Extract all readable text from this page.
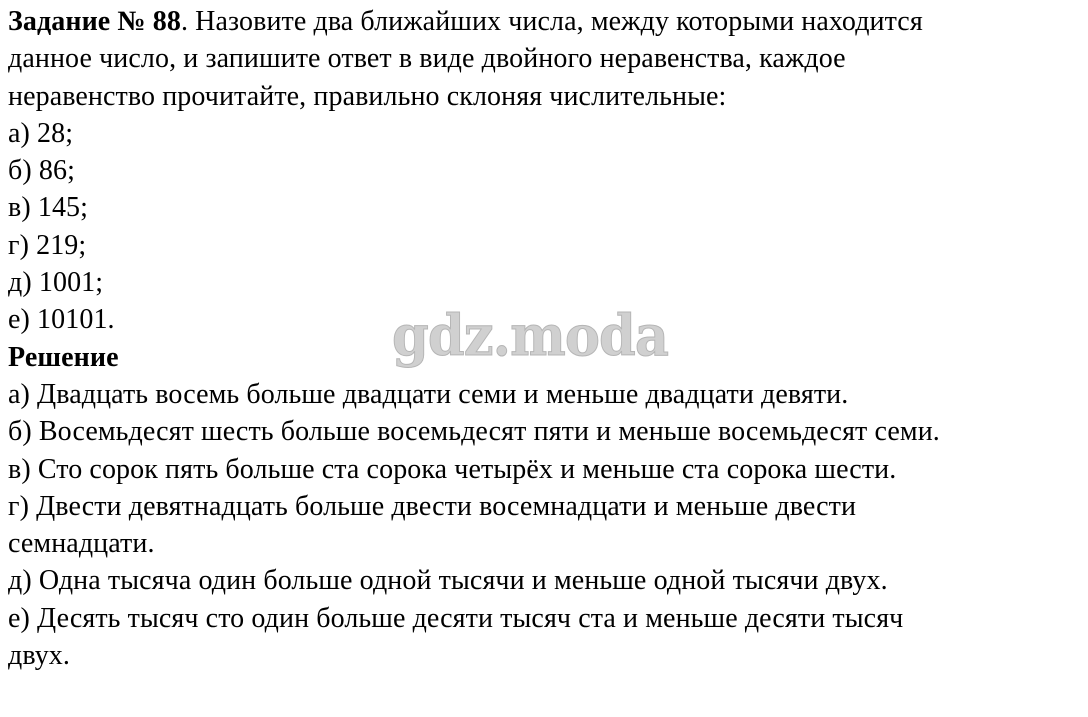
Задание № 88. Назовите два ближайших числа, между которыми находится

данное число, и запишите ответ в виде двойного неравенства, каждое

неравенство прочитайте, правильно склоняя числительные:

а) 28;

б) 86;

в) 145;

г) 219;

д) 1001;

е) 10101.

Решение

а) Двадцать восемь больше двадцати семи и меньше двадцати девяти.

б) Восемьдесят шесть больше восемьдесят пяти и меньше восемьдесят семи.

в) Сто сорок пять больше ста сорока четырёх и меньше ста сорока шести.

г) Двести девятнадцать больше двести восемнадцати и меньше двести

семнадцати.

д) Одна тысяча один больше одной тысячи и меньше одной тысячи двух.

е) Десять тысяч сто один больше десяти тысяч ста и меньше десяти тысяч

двух.

gdz.moda
